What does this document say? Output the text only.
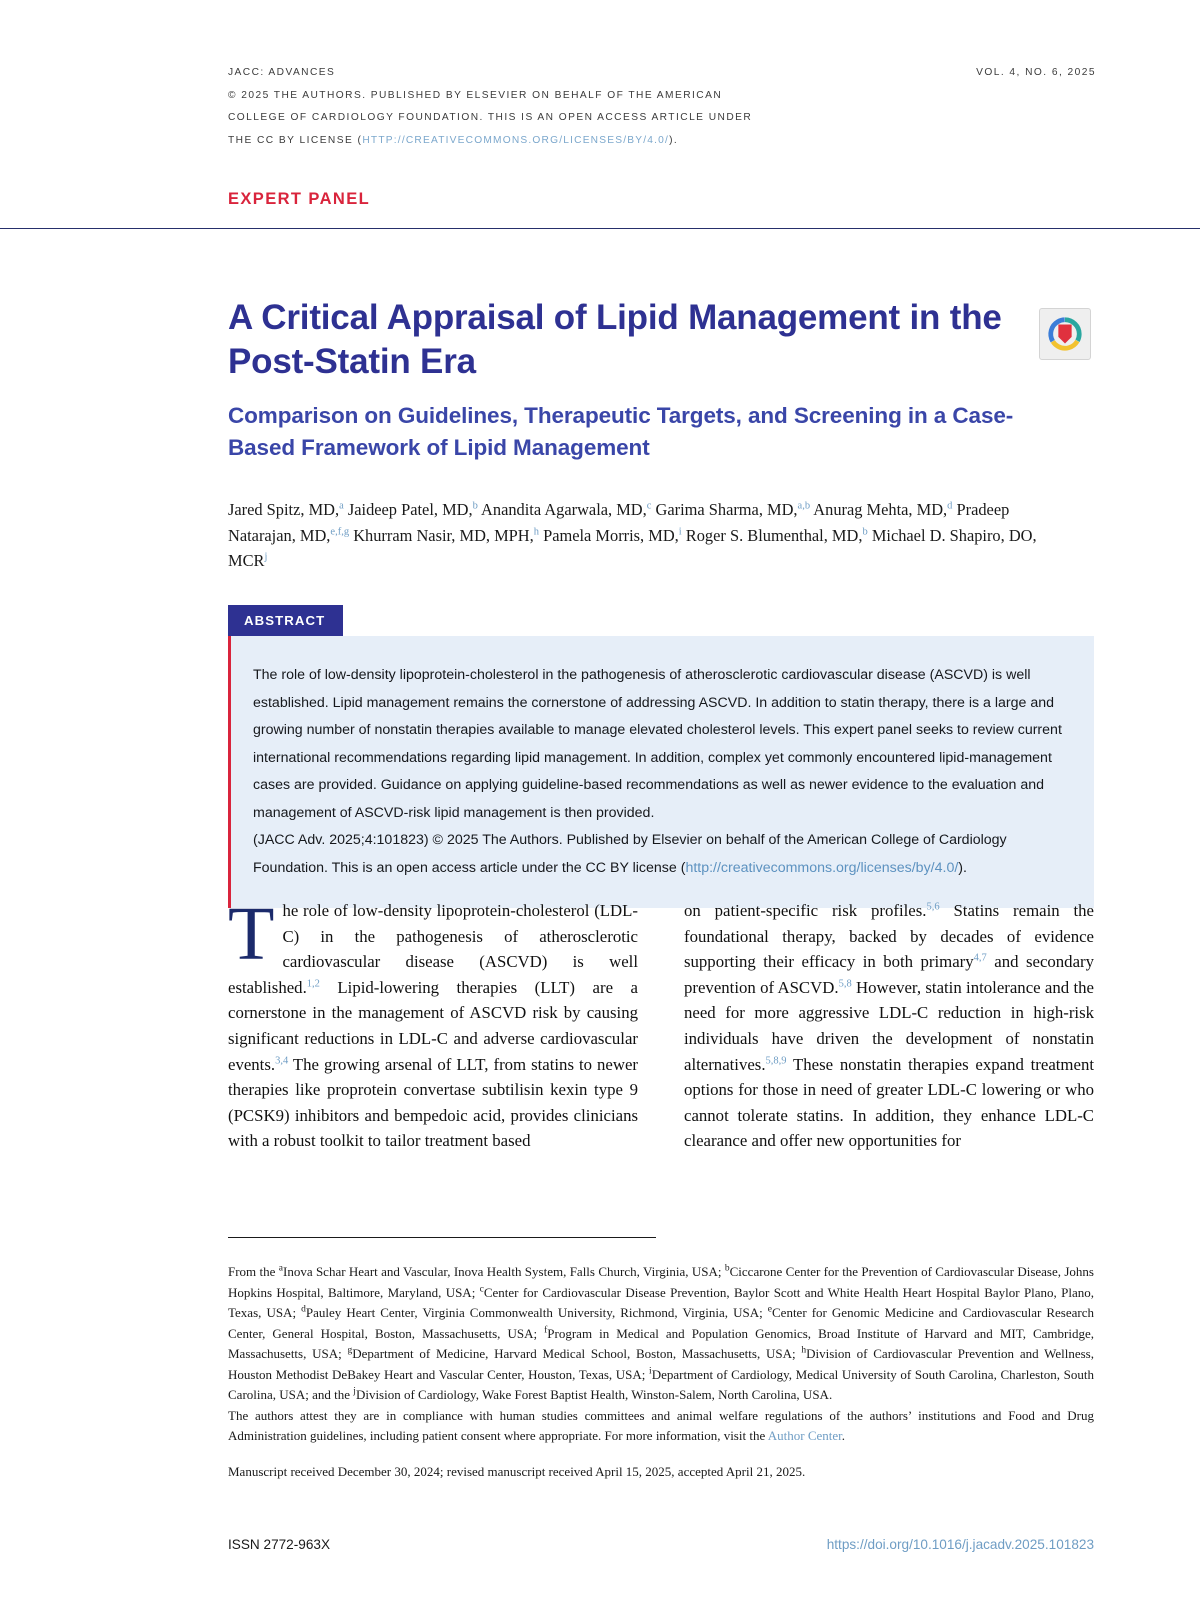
JACC: ADVANCES
© 2025 THE AUTHORS. PUBLISHED BY ELSEVIER ON BEHALF OF THE AMERICAN
COLLEGE OF CARDIOLOGY FOUNDATION. THIS IS AN OPEN ACCESS ARTICLE UNDER
THE CC BY LICENSE (HTTP://CREATIVECOMMONS.ORG/LICENSES/BY/4.0/).
VOL. 4, NO. 6, 2025
EXPERT PANEL
A Critical Appraisal of Lipid Management in the Post-Statin Era
Comparison on Guidelines, Therapeutic Targets, and Screening in a Case-Based Framework of Lipid Management
Jared Spitz, MD,$^a$ Jaideep Patel, MD,$^b$ Anandita Agarwala, MD,$^c$ Garima Sharma, MD,$^{a,b}$ Anurag Mehta, MD,$^d$ Pradeep Natarajan, MD,$^{e,f,g}$ Khurram Nasir, MD, MPH,$^h$ Pamela Morris, MD,$^i$ Roger S. Blumenthal, MD,$^b$ Michael D. Shapiro, DO, MCR$^j$
ABSTRACT

The role of low-density lipoprotein-cholesterol in the pathogenesis of atherosclerotic cardiovascular disease (ASCVD) is well established. Lipid management remains the cornerstone of addressing ASCVD. In addition to statin therapy, there is a large and growing number of nonstatin therapies available to manage elevated cholesterol levels. This expert panel seeks to review current international recommendations regarding lipid management. In addition, complex yet commonly encountered lipid-management cases are provided. Guidance on applying guideline-based recommendations as well as newer evidence to the evaluation and management of ASCVD-risk lipid management is then provided.

(JACC Adv. 2025;4:101823) © 2025 The Authors. Published by Elsevier on behalf of the American College of Cardiology Foundation. This is an open access article under the CC BY license (http://creativecommons.org/licenses/by/4.0/).

The role of low-density lipoprotein-cholesterol (LDL-C) in the pathogenesis of atherosclerotic cardiovascular disease (ASCVD) is well established.$^{1,2}$ Lipid-lowering therapies (LLT) are a cornerstone in the management of ASCVD risk by causing significant reductions in LDL-C and adverse cardiovascular events.$^{3,4}$ The growing arsenal of LLT, from statins to newer therapies like proprotein convertase subtilisin kexin type 9 (PCSK9) inhibitors and bempedoic acid, provides clinicians with a robust toolkit to tailor treatment based

on patient-specific risk profiles.$^{5,6}$ Statins remain the foundational therapy, backed by decades of evidence supporting their efficacy in both primary$^{4,7}$ and secondary prevention of ASCVD.$^{5,8}$ However, statin intolerance and the need for more aggressive LDL-C reduction in high-risk individuals have driven the development of nonstatin alternatives.$^{5,8,9}$ These nonstatin therapies expand treatment options for those in need of greater LDL-C lowering or who cannot tolerate statins. In addition, they enhance LDL-C clearance and offer new opportunities for

From the $^a$Inova Schar Heart and Vascular, Inova Health System, Falls Church, Virginia, USA; $^b$Ciccarone Center for the Prevention of Cardiovascular Disease, Johns Hopkins Hospital, Baltimore, Maryland, USA; $^c$Center for Cardiovascular Disease Prevention, Baylor Scott and White Health Heart Hospital Baylor Plano, Plano, Texas, USA; $^d$Pauley Heart Center, Virginia Commonwealth University, Richmond, Virginia, USA; $^e$Center for Genomic Medicine and Cardiovascular Research Center, General Hospital, Boston, Massachusetts, USA; $^f$Program in Medical and Population Genomics, Broad Institute of Harvard and MIT, Cambridge, Massachusetts, USA; $^g$Department of Medicine, Harvard Medical School, Boston, Massachusetts, USA; $^h$Division of Cardiovascular Prevention and Wellness, Houston Methodist DeBakey Heart and Vascular Center, Houston, Texas, USA; $^i$Department of Cardiology, Medical University of South Carolina, Charleston, South Carolina, USA; and the $^j$Division of Cardiology, Wake Forest Baptist Health, Winston-Salem, North Carolina, USA.

The authors attest they are in compliance with human studies committees and animal welfare regulations of the authors’ institutions and Food and Drug Administration guidelines, including patient consent where appropriate. For more information, visit the Author Center.

Manuscript received December 30, 2024; revised manuscript received April 15, 2025, accepted April 21, 2025.

ISSN 2772-963X	https://doi.org/10.1016/j.jacadv.2025.101823
